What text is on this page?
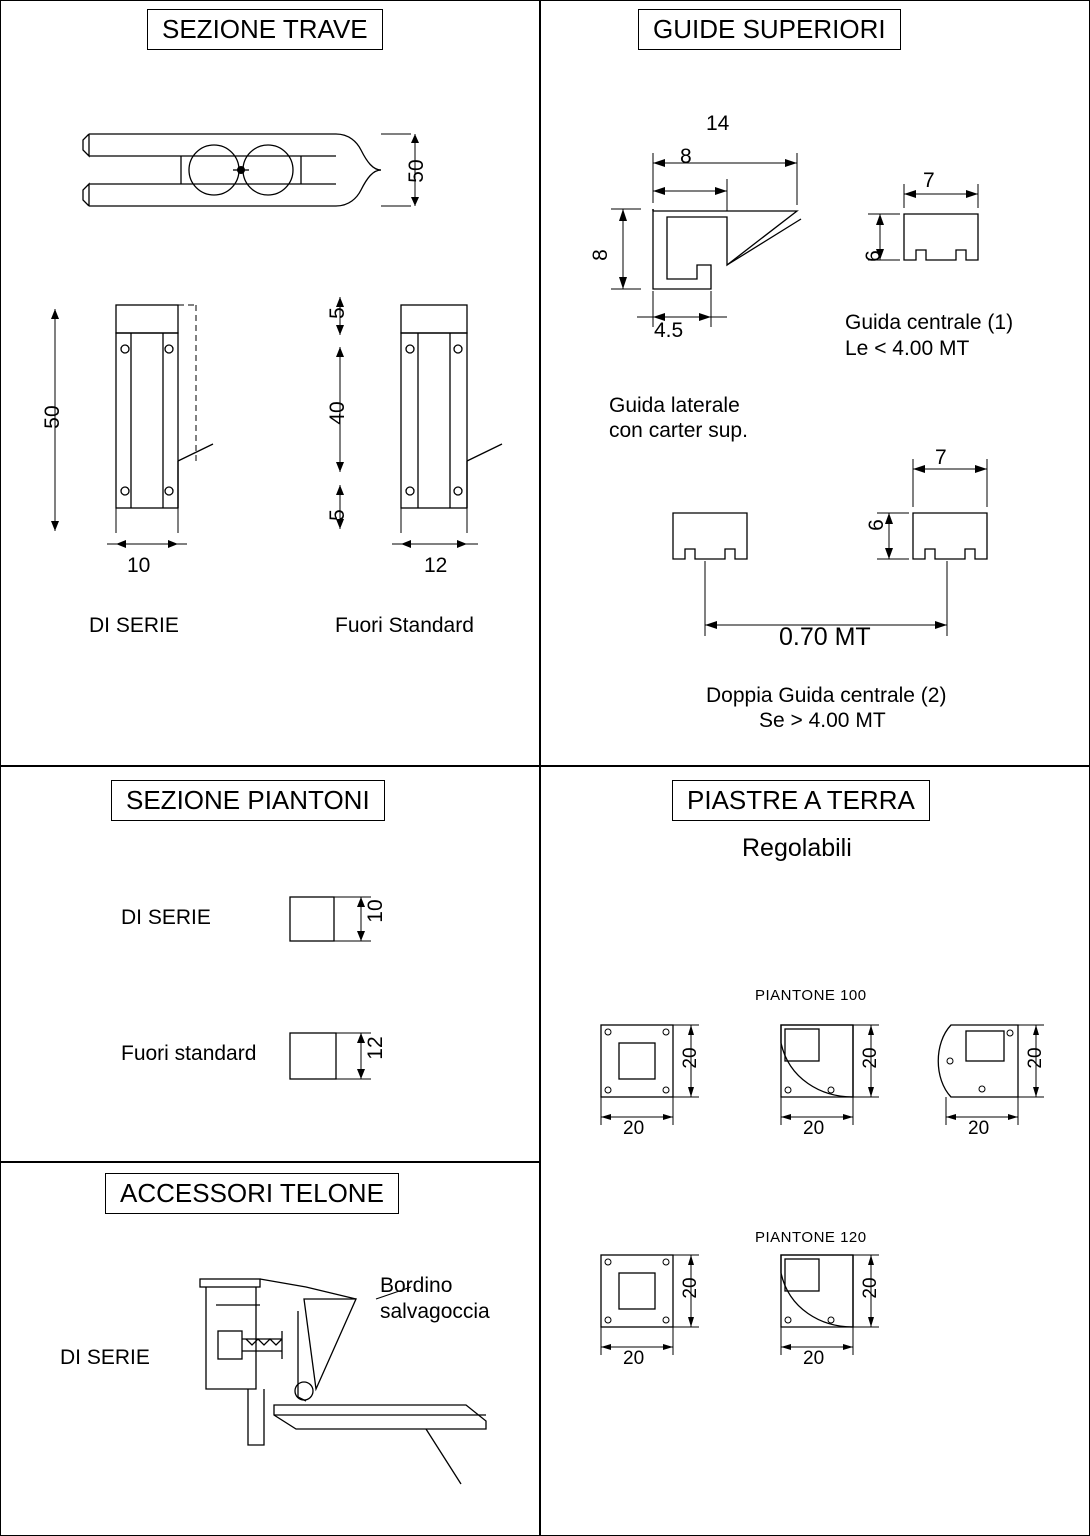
SEZIONE TRAVE
50
50
10
DI SERIE
5
40
5
12
Fuori Standard
GUIDE SUPERIORI
14
8
8
4.5
Guida laterale
con carter sup.
7
6
Guida centrale (1)
Le < 4.00 MT
7
6
0.70 MT
Doppia Guida centrale (2)
Se > 4.00 MT
SEZIONE PIANTONI
DI SERIE	10
Fuori standard	12
ACCESSORI TELONE
DI SERIE
Bordino
salvagoccia
PIASTRE A TERRA
Regolabili
PIANTONE 100
20
20
20
20
20
20
PIANTONE 120
20
20
20
20
